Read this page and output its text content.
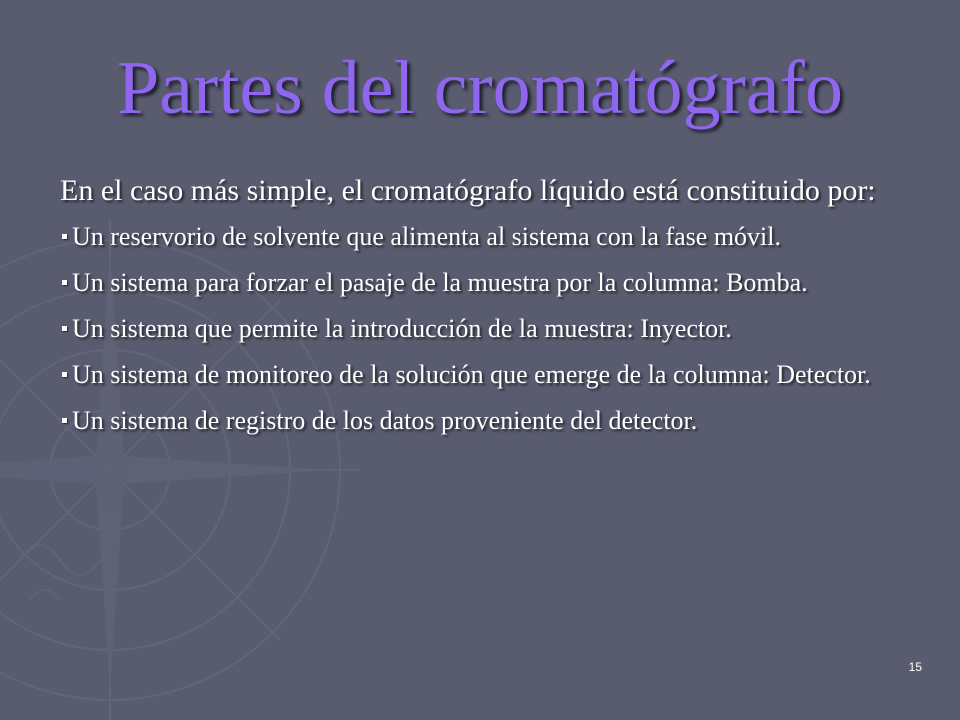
Partes del cromatógrafo

En el caso más simple, el cromatógrafo líquido está constituido por:

Un reservorio de solvente que alimenta al sistema con la fase móvil.
Un sistema para forzar el pasaje de la muestra por la columna: Bomba.
Un sistema que permite la introducción de la muestra: Inyector.
Un sistema de monitoreo de la solución que emerge de la columna: Detector.
Un sistema de registro de los datos proveniente del detector.
15
